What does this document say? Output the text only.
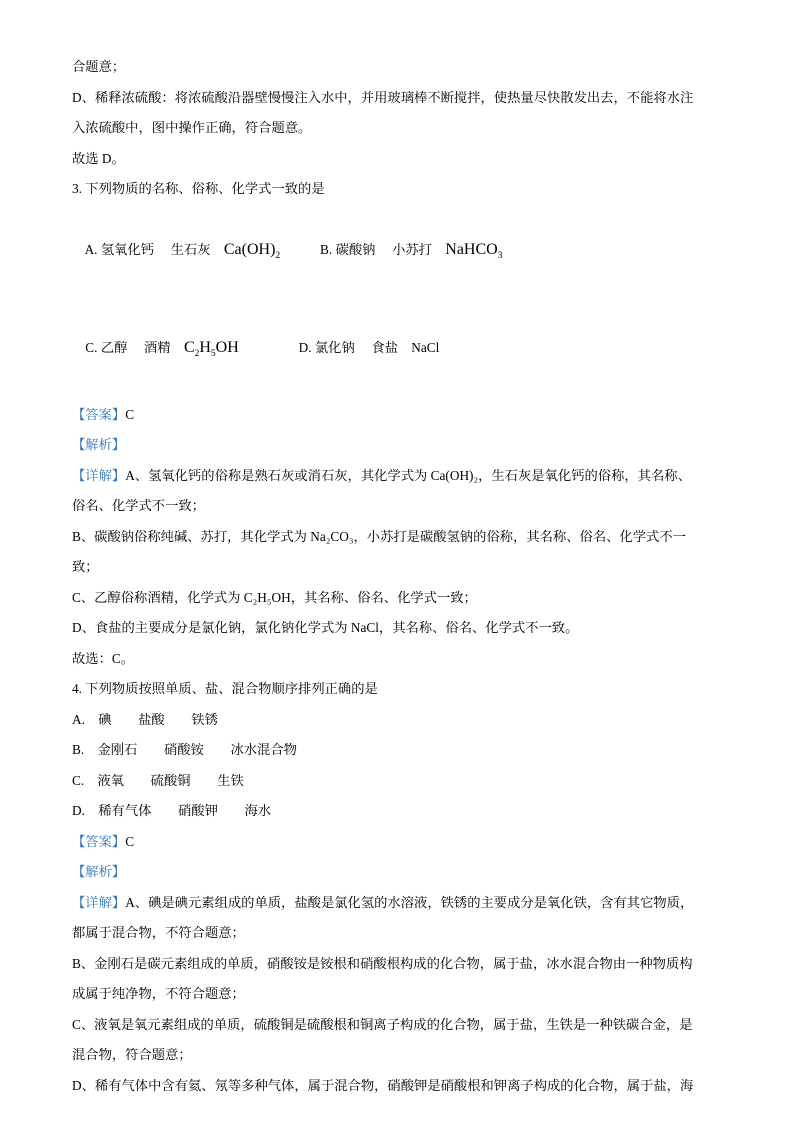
合题意；
D、稀释浓硫酸：将浓硫酸沿器壁慢慢注入水中，并用玻璃棒不断搅拌，使热量尽快散发出去，不能将水注
入浓硫酸中，图中操作正确，符合题意。
故选 D。
3. 下列物质的名称、俗称、化学式一致的是

A. 氢氧化钙 生石灰 $Ca(OH)_2$	B. 碳酸钠 小苏打 NaHCO$_3$

C. 乙醇 酒精 $C_2H_5OH$	D. 氯化钠 食盐 NaCl

【答案】C
【解析】
【详解】A、氢氧化钙的俗称是熟石灰或消石灰，其化学式为 Ca(OH)₂，生石灰是氧化钙的俗称，其名称、
俗名、化学式不一致；
B、碳酸钠俗称纯碱、苏打，其化学式为 Na₂CO₃，小苏打是碳酸氢钠的俗称，其名称、俗名、化学式不一
致；
C、乙醇俗称酒精，化学式为 C₂H₅OH，其名称、俗名、化学式一致；
D、食盐的主要成分是氯化钠，氯化钠化学式为 NaCl，其名称、俗名、化学式不一致。
故选：C。
4. 下列物质按照单质、盐、混合物顺序排列正确的是
A.    碘        盐酸        铁锈
B.    金刚石        硝酸铵        冰水混合物
C.    液氧        硫酸铜        生铁
D.    稀有气体        硝酸钾        海水
【答案】C
【解析】
【详解】A、碘是碘元素组成的单质，盐酸是氯化氢的水溶液，铁锈的主要成分是氧化铁，含有其它物质，
都属于混合物，不符合题意；
B、金刚石是碳元素组成的单质，硝酸铵是铵根和硝酸根构成的化合物，属于盐，冰水混合物由一种物质构
成属于纯净物，不符合题意；
C、液氧是氧元素组成的单质，硫酸铜是硫酸根和铜离子构成的化合物，属于盐，生铁是一种铁碳合金，是
混合物，符合题意；
D、稀有气体中含有氦、氖等多种气体，属于混合物，硝酸钾是硝酸根和钾离子构成的化合物，属于盐，海
